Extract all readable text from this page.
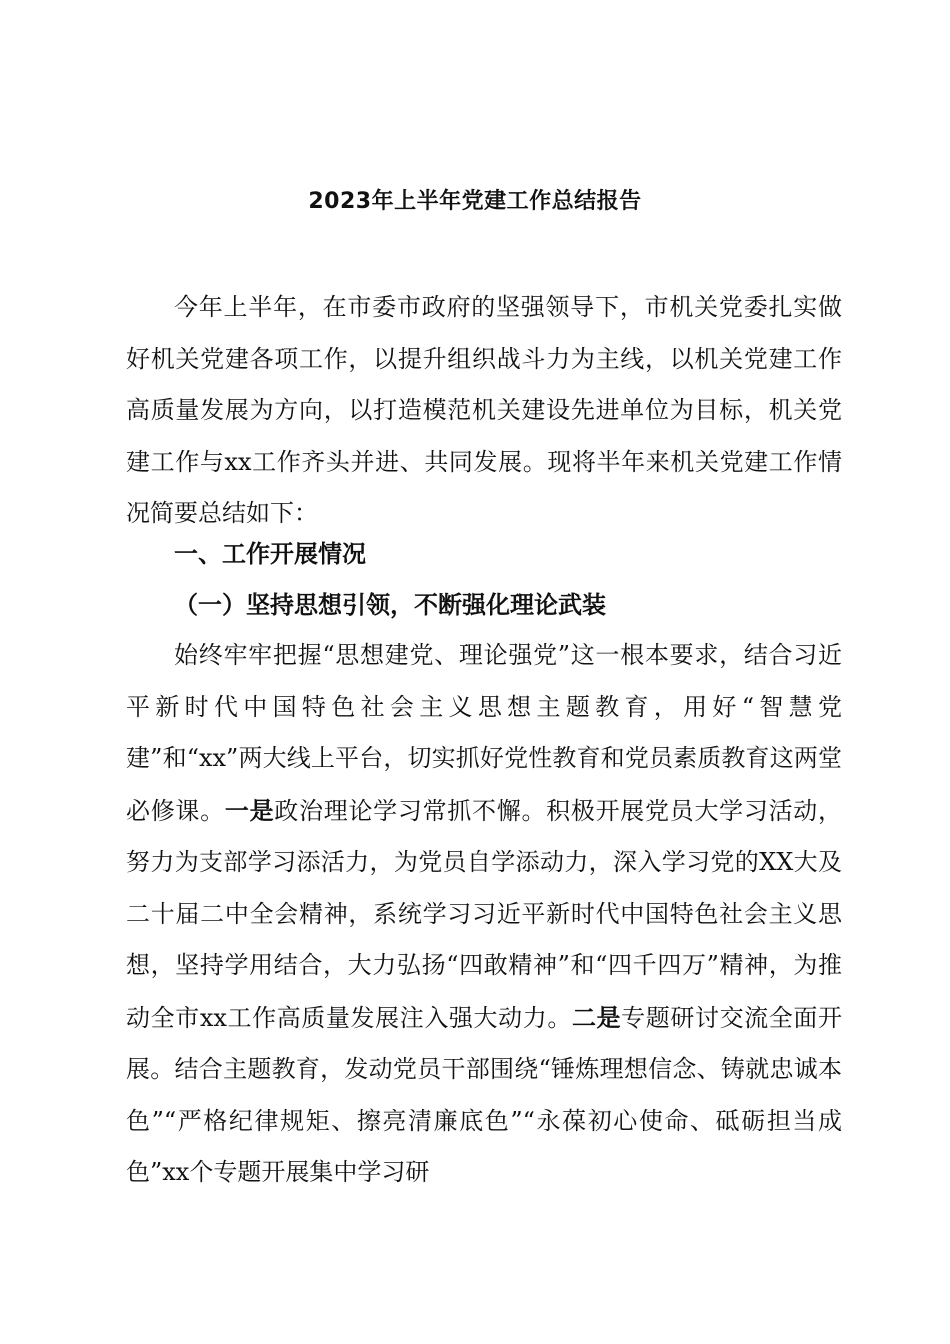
2023年上半年党建工作总结报告

今年上半年，在市委市政府的坚强领导下，市机关党委扎实做好机关党建各项工作，以提升组织战斗力为主线，以机关党建工作高质量发展为方向，以打造模范机关建设先进单位为目标，机关党建工作与xx工作齐头并进、共同发展。现将半年来机关党建工作情况简要总结如下：

一、工作开展情况

（一）坚持思想引领，不断强化理论武装

始终牢牢把握“思想建党、理论强党”这一根本要求，结合习近平新时代中国特色社会主义思想主题教育，用好“智慧党建”和“xx”两大线上平台，切实抓好党性教育和党员素质教育这两堂必修课。一是政治理论学习常抓不懈。积极开展党员大学习活动，努力为支部学习添活力，为党员自学添动力，深入学习党的XX大及二十届二中全会精神，系统学习习近平新时代中国特色社会主义思想，坚持学用结合，大力弘扬“四敢精神”和“四千四万”精神，为推动全市xx工作高质量发展注入强大动力。二是专题研讨交流全面开展。结合主题教育，发动党员干部围绕“锤炼理想信念、铸就忠诚本色”“严格纪律规矩、擦亮清廉底色”“永葆初心使命、砥砺担当成色”xx个专题开展集中学习研
